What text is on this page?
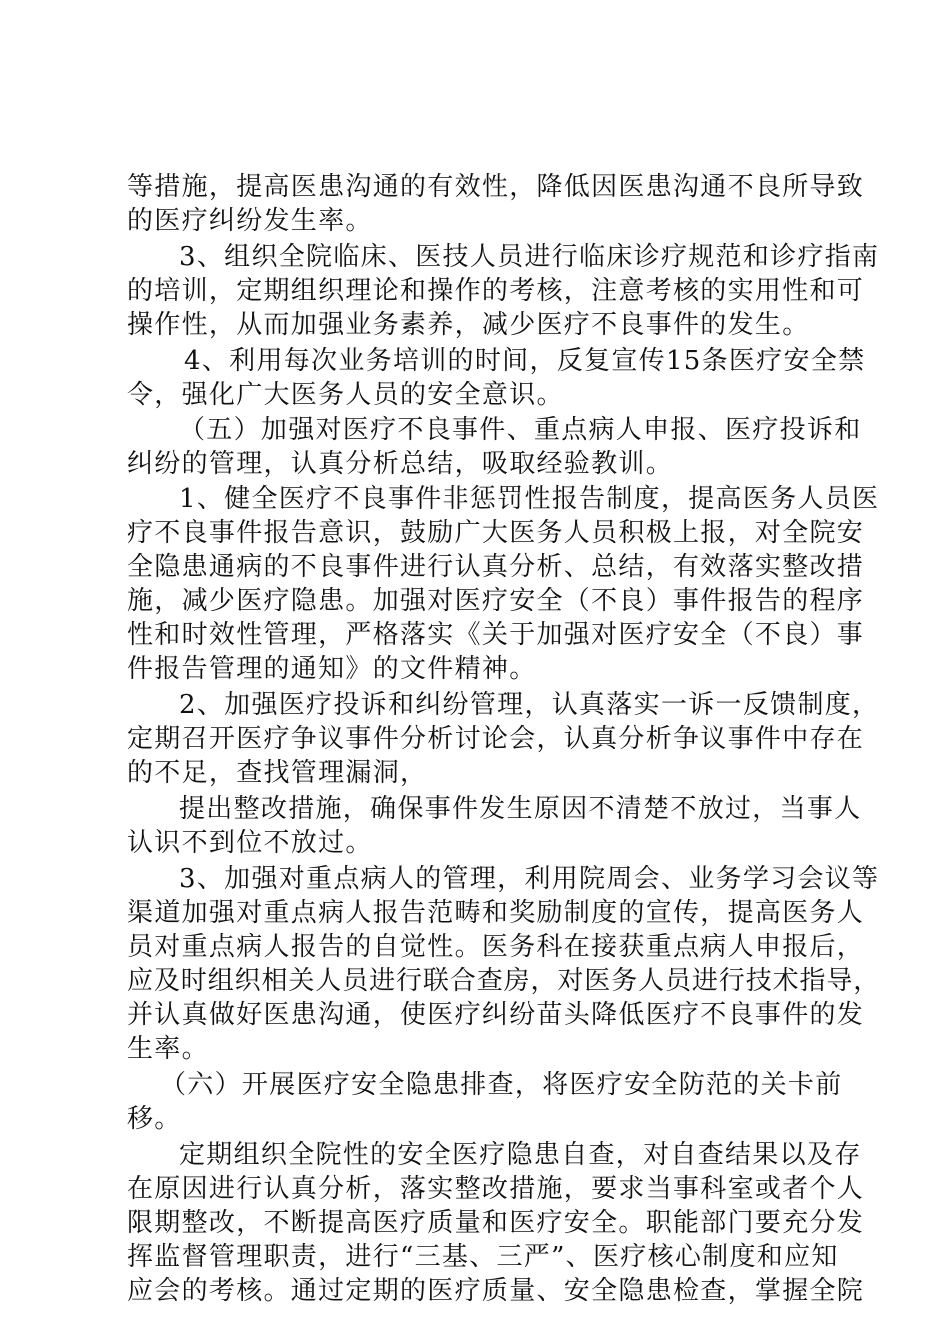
等措施，提高医患沟通的有效性，降低因医患沟通不良所导致
的医疗纠纷发生率。
3、组织全院临床、医技人员进行临床诊疗规范和诊疗指南
的培训，定期组织理论和操作的考核，注意考核的实用性和可
操作性，从而加强业务素养，减少医疗不良事件的发生。
4、利用每次业务培训的时间，反复宣传15条医疗安全禁
令，强化广大医务人员的安全意识。
（五）加强对医疗不良事件、重点病人申报、医疗投诉和
纠纷的管理，认真分析总结，吸取经验教训。
1、健全医疗不良事件非惩罚性报告制度，提高医务人员医
疗不良事件报告意识，鼓励广大医务人员积极上报，对全院安
全隐患通病的不良事件进行认真分析、总结，有效落实整改措
施，减少医疗隐患。加强对医疗安全（不良）事件报告的程序
性和时效性管理，严格落实《关于加强对医疗安全（不良）事
件报告管理的通知》的文件精神。
2、加强医疗投诉和纠纷管理，认真落实一诉一反馈制度，
定期召开医疗争议事件分析讨论会，认真分析争议事件中存在
的不足，查找管理漏洞，
提出整改措施，确保事件发生原因不清楚不放过，当事人
认识不到位不放过。
3、加强对重点病人的管理，利用院周会、业务学习会议等
渠道加强对重点病人报告范畴和奖励制度的宣传，提高医务人
员对重点病人报告的自觉性。医务科在接获重点病人申报后，
应及时组织相关人员进行联合查房，对医务人员进行技术指导，
并认真做好医患沟通，使医疗纠纷苗头降低医疗不良事件的发
生率。
（六）开展医疗安全隐患排查，将医疗安全防范的关卡前
移。
定期组织全院性的安全医疗隐患自查，对自查结果以及存
在原因进行认真分析，落实整改措施，要求当事科室或者个人
限期整改，不断提高医疗质量和医疗安全。职能部门要充分发
挥监督管理职责，进行“三基、三严”、医疗核心制度和应知
应会的考核。通过定期的医疗质量、安全隐患检查，掌握全院
